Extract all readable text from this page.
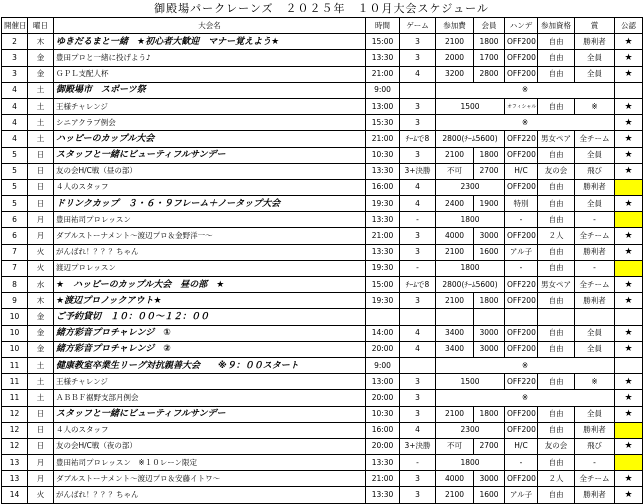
御殿場パークレーンズ　２０２５年　１０月大会スケジュール
開催日	曜日	大会名	時間	ゲーム	参加費	会員	ハンデ	参加資格	賞	公認
2	木	ゆきだるまと一緒　★初心者大歓迎　マナー覚えよう★	15:00	3	2100	1800	OFF200	自由	勝利者	★
3	金	豊田プロと一緒に投げよう♪	13:30	3	2000	1700	OFF200	自由	全員	★
3	金	ＧＰＬ支配人杯	21:00	4	3200	2800	OFF200	自由	全員	★
4	土	御殿場市　スポーツ祭	9:00		※					
4	土	王様チャレンジ	13:00	3	1500		オフィシャル	自由	※	★
4	土	シニアクラブ例会	15:30	3	※					★
4	土	ハッピーのカップル大会	21:00	ﾁｰﾑで8	2800(ﾁｰﾑ5600)		OFF220	男女ペア	全チーム	★
5	日	スタッフと一緒にビューティフルサンデー	10:30	3	2100	1800	OFF200	自由	全員	★
5	日	友の会H/C戦（昼の部）	13:30	3+決勝	不可	2700	H/C	友の会	飛び	★
5	日	４人のスタッフ	16:00	4	2300		OFF200	自由	勝利者	
5	日	ドリンクカップ　３・６・９フレーム＋ノータップ大会	19:30	4	2400	1900	特別	自由	全員	★
6	月	豊田祐司プロレッスン	13:30	-	1800		-	自由	-	
6	月	ダブルストーナメント～渡辺プロ＆金野洋一～	21:00	3	4000	3000	OFF200	２人	全チーム	★
7	火	がんばれ！？？？ちゃん	13:30	3	2100	1600	アル子	自由	勝利者	★
7	火	渡辺プロレッスン	19:30	-	1800		-	自由	-	
8	水	★　ハッピーのカップル大会　昼の部　★	15:00	ﾁｰﾑで8	2800(ﾁｰﾑ5600)		OFF220	男女ペア	全チーム	★
9	木	★渡辺プロノックアウト★	19:30	3	2100	1800	OFF200	自由	勝利者	★
10	金	ご予約貸切　１０：００～１２：００								
10	金	緒方彩音プロチャレンジ　①	14:00	4	3400	3000	OFF200	自由	全員	★
10	金	緒方彩音プロチャレンジ　②	20:00	4	3400	3000	OFF200	自由	全員	★
11	土	健康教室卒業生リーグ対抗親善大会　　※９：００スタート	9:00		※					
11	土	王様チャレンジ	13:00	3	1500		OFF220	自由	※	★
11	土	ＡＢＢＦ裾野支部月例会	20:00	3	※					★
12	日	スタッフと一緒にビューティフルサンデー	10:30	3	2100	1800	OFF200	自由	全員	★
12	日	４人のスタッフ	16:00	4	2300		OFF200	自由	勝利者	
12	日	友の会H/C戦（夜の部）	20:00	3+決勝	不可	2700	H/C	友の会	飛び	★
13	月	豊田祐司プロレッスン　※１０レーン限定	13:30	-	1800		-	自由	-	
13	月	ダブルストーナメント～渡辺プロ＆安藤イトワ～	21:00	3	4000	3000	OFF200	２人	全チーム	★
14	火	がんばれ！？？？ちゃん	13:30	3	2100	1600	アル子	自由	勝利者	★
